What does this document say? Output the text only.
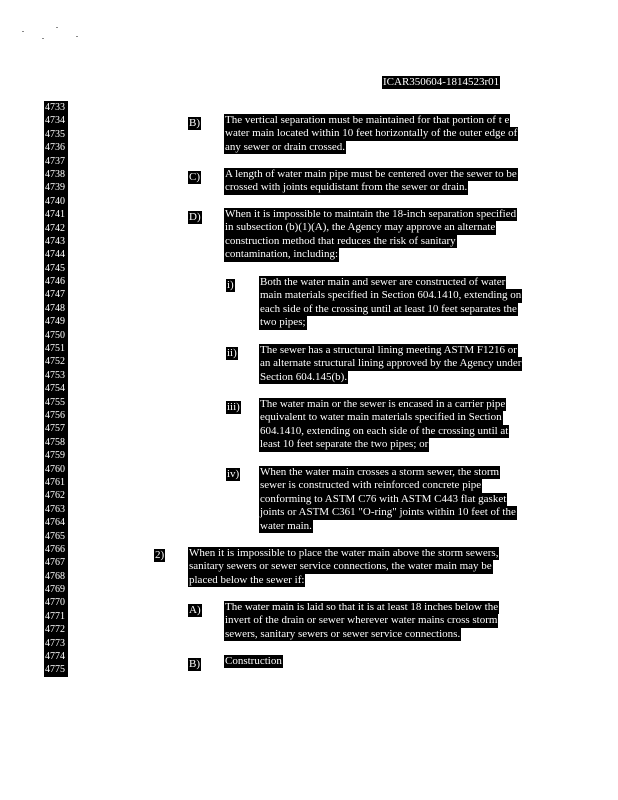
ICAR350604-1814523r01
4733
4734
4735
4736
4737
4738
4739
4740
4741
4742
4743
4744
4745
4746
4747
4748
4749
4750
4751
4752
4753
4754
4755
4756
4757
4758
4759
4760
4761
4762
4763
4764
4765
4766
4767
4768
4769
4770
4771
4772
4773
4774
4775
B) The vertical separation must be maintained for that portion of t e
water main located within 10 feet horizontally of the outer edge of
any sewer or drain crossed.
C) A length of water main pipe must be centered over the sewer to be
crossed with joints equidistant from the sewer or drain.
D) When it is impossible to maintain the 18-inch separation specified
in subsection (b)(1)(A), the Agency may approve an alternate
construction method that reduces the risk of sanitary
contamination, including:
i) Both the water main and sewer are constructed of water
main materials specified in Section 604.1410, extending on
each side of the crossing until at least 10 feet separates the
two pipes;
ii) The sewer has a structural lining meeting ASTM F1216 or
an alternate structural lining approved by the Agency under
Section 604.145(b).
iii) The water main or the sewer is encased in a carrier pipe
equivalent to water main materials specified in Section
604.1410, extending on each side of the crossing until at
least 10 feet separate the two pipes; or
iv) When the water main crosses a storm sewer, the storm
sewer is constructed with reinforced concrete pipe
conforming to ASTM C76 with ASTM C443 flat gasket
joints or ASTM C361 "O-ring" joints within 10 feet of the
water main.
2) When it is impossible to place the water main above the storm sewers,
sanitary sewers or sewer service connections, the water main may be
placed below the sewer if:
A) The water main is laid so that it is at least 18 inches below the
invert of the drain or sewer wherever water mains cross storm
sewers, sanitary sewers or sewer service connections.
B) Construction
